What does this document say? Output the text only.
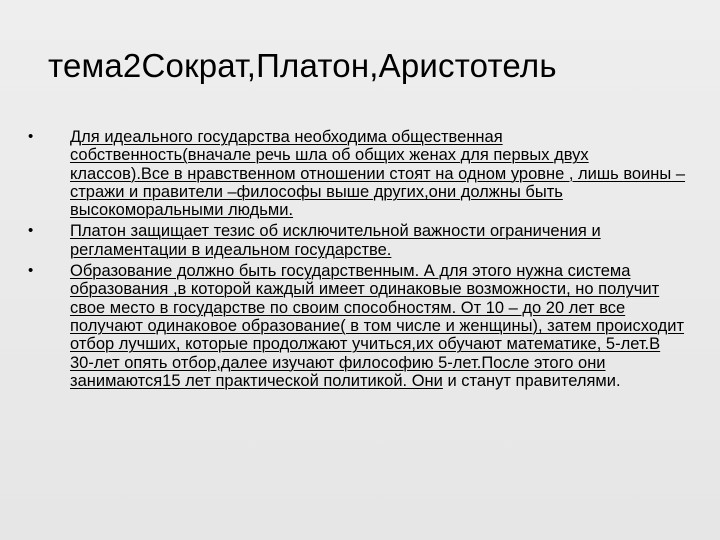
тема2Сократ,Платон,Аристотель
•	Для идеального государства необходима общественная собственность(вначале речь шла об общих женах для первых двух классов).Все в нравственном отношении стоят на одном уровне , лишь воины –стражи и правители –философы выше других,они должны быть высокоморальными людьми.
•	Платон защищает тезис об исключительной важности ограничения и регламентации в идеальном государстве.
•	Образование должно быть государственным. А для этого нужна система образования ,в которой каждый имеет одинаковые возможности, но получит свое место в государстве по своим способностям. От 10 – до 20 лет все получают одинаковое образование( в том числе и женщины), затем происходит отбор лучших, которые продолжают учиться,их обучают математике, 5-лет.В 30-лет опять отбор,далее изучают философию 5-лет.После этого они занимаются15 лет практической политикой. Они и станут правителями.
